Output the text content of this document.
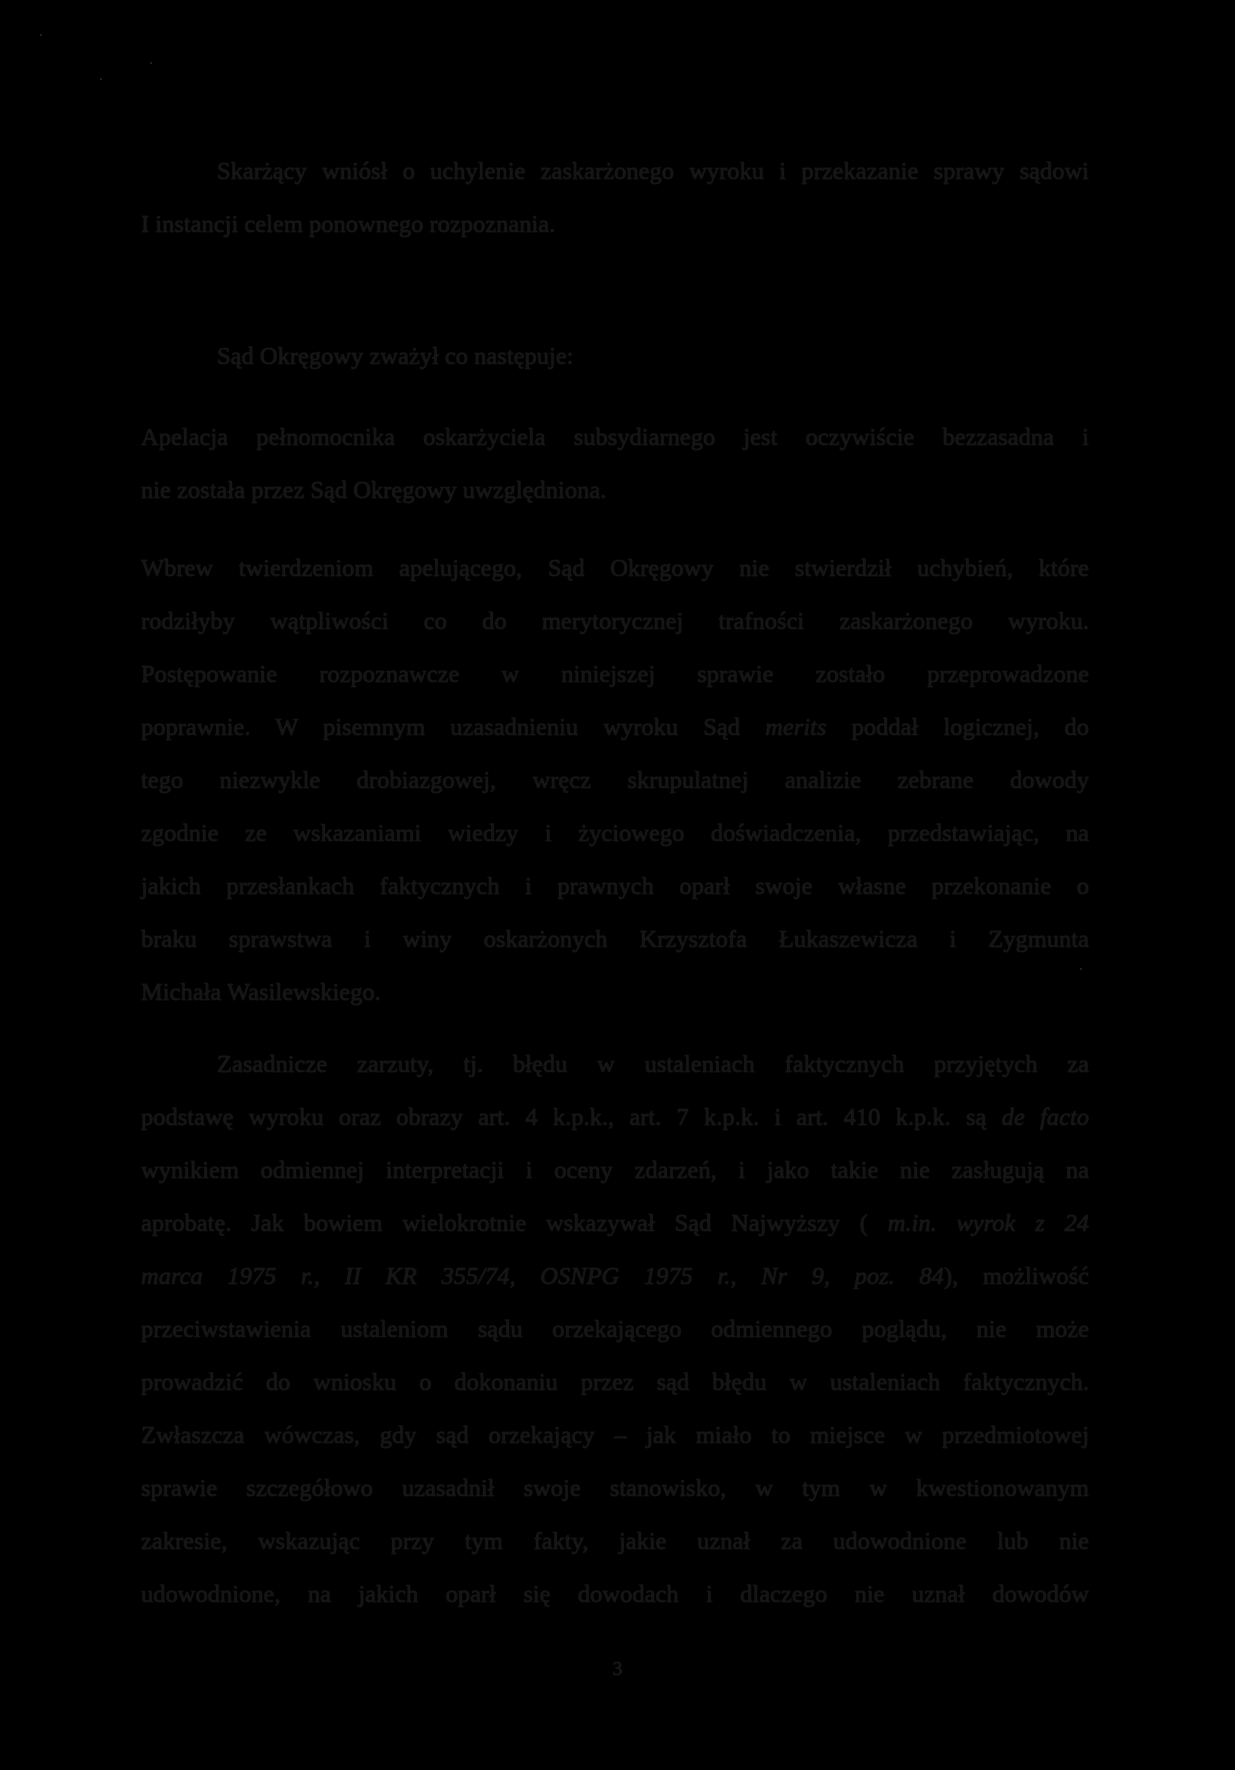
Skarżący wniósł o uchylenie zaskarżonego wyroku i przekazanie sprawy sądowi
I instancji celem ponownego rozpoznania.
Sąd Okręgowy zważył co następuje:
Apelacja pełnomocnika oskarżyciela subsydiarnego jest oczywiście bezzasadna i
nie została przez Sąd Okręgowy uwzględniona.
Wbrew twierdzeniom apelującego, Sąd Okręgowy nie stwierdził uchybień, które
rodziłyby wątpliwości co do merytorycznej trafności zaskarżonego wyroku.
Postępowanie rozpoznawcze w niniejszej sprawie zostało przeprowadzone
poprawnie. W pisemnym uzasadnieniu wyroku Sąd merits poddał logicznej, do
tego niezwykle drobiazgowej, wręcz skrupulatnej analizie zebrane dowody
zgodnie ze wskazaniami wiedzy i życiowego doświadczenia, przedstawiając, na
jakich przesłankach faktycznych i prawnych oparł swoje własne przekonanie o
braku sprawstwa i winy oskarżonych Krzysztofa Łukaszewicza i Zygmunta
Michała Wasilewskiego.
Zasadnicze zarzuty, tj. błędu w ustaleniach faktycznych przyjętych za
podstawę wyroku oraz obrazy art. 4 k.p.k., art. 7 k.p.k. i art. 410 k.p.k. są de facto
wynikiem odmiennej interpretacji i oceny zdarzeń, i jako takie nie zasługują na
aprobatę. Jak bowiem wielokrotnie wskazywał Sąd Najwyższy ( m.in. wyrok z 24
marca 1975 r., II KR 355/74, OSNPG 1975 r., Nr 9, poz. 84), możliwość
przeciwstawienia ustaleniom sądu orzekającego odmiennego poglądu, nie może
prowadzić do wniosku o dokonaniu przez sąd błędu w ustaleniach faktycznych.
Zwłaszcza wówczas, gdy sąd orzekający – jak miało to miejsce w przedmiotowej
sprawie szczegółowo uzasadnił swoje stanowisko, w tym w kwestionowanym
zakresie, wskazując przy tym fakty, jakie uznał za udowodnione lub nie
udowodnione, na jakich oparł się dowodach i dlaczego nie uznał dowodów
3
